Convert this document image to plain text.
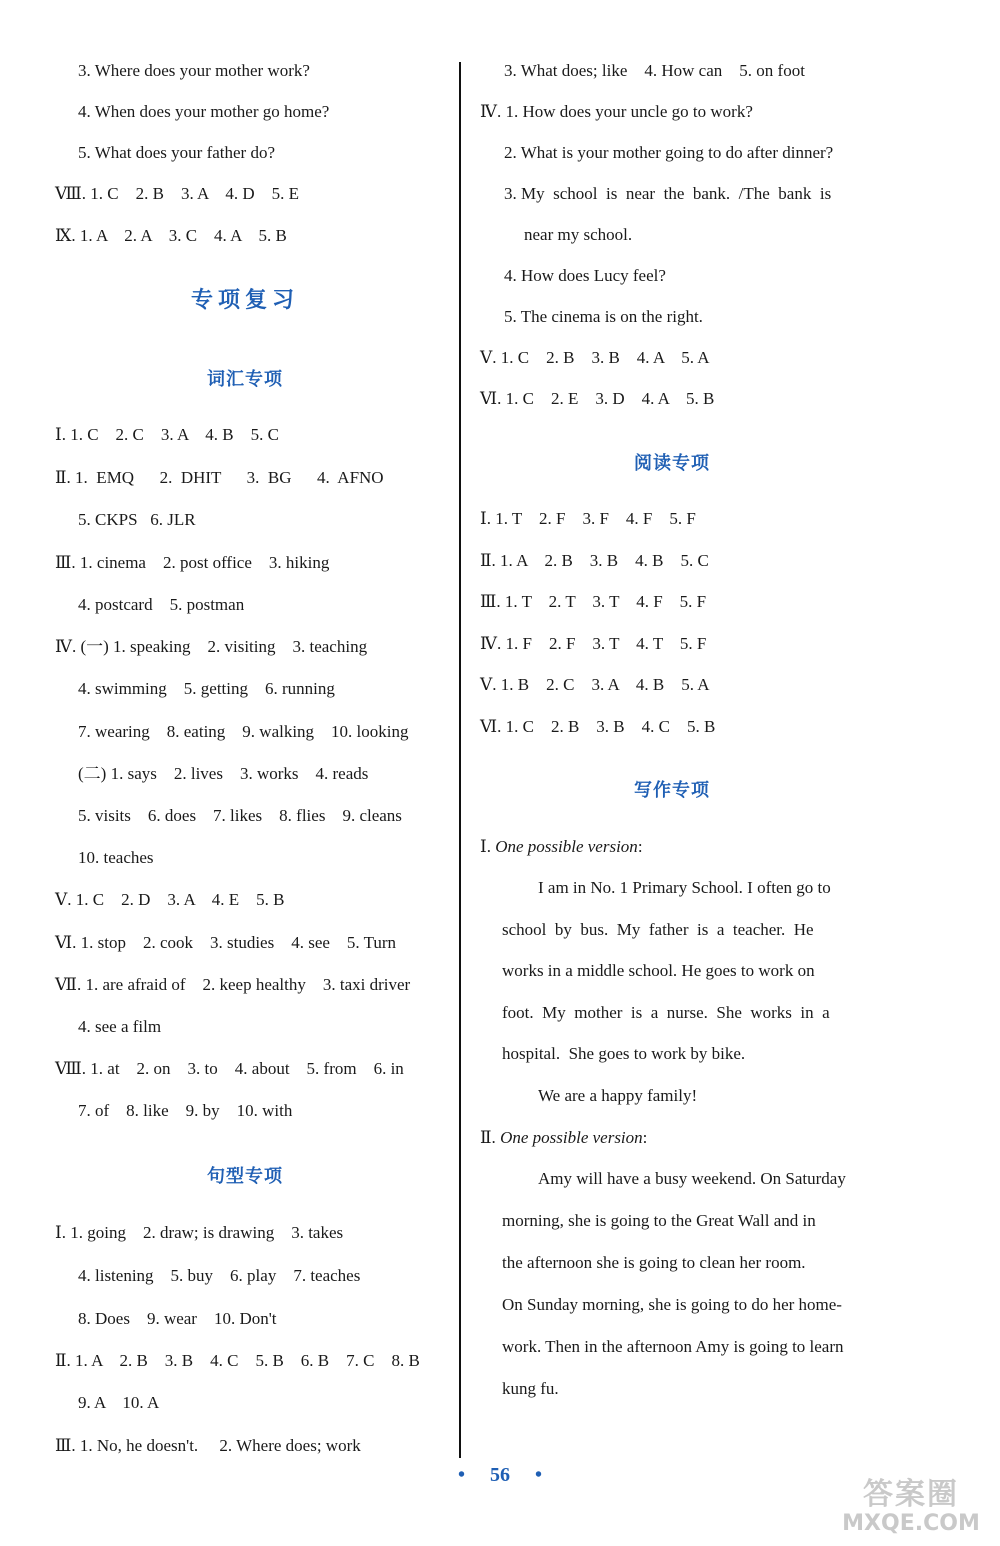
3. Where does your mother work?
4. When does your mother go home?
5. What does your father do?
Ⅷ. 1. C    2. B    3. A    4. D    5. E
Ⅸ. 1. A    2. A    3. C    4. A    5. B
Ⅰ. 1. C    2. C    3. A    4. B    5. C
Ⅱ. 1.  EMQ      2.  DHIT      3.  BG      4.  AFNO
5. CKPS   6. JLR
Ⅲ. 1. cinema    2. post office    3. hiking
4. postcard    5. postman
Ⅳ. (一) 1. speaking    2. visiting    3. teaching
4. swimming    5. getting    6. running
7. wearing    8. eating    9. walking    10. looking
(二) 1. says    2. lives    3. works    4. reads
5. visits    6. does    7. likes    8. flies    9. cleans
10. teaches
Ⅴ. 1. C    2. D    3. A    4. E    5. B
Ⅵ. 1. stop    2. cook    3. studies    4. see    5. Turn
Ⅶ. 1. are afraid of    2. keep healthy    3. taxi driver
4. see a film
Ⅷ. 1. at    2. on    3. to    4. about    5. from    6. in
7. of    8. like    9. by    10. with
Ⅰ. 1. going    2. draw; is drawing    3. takes
4. listening    5. buy    6. play    7. teaches
8. Does    9. wear    10. Don't
Ⅱ. 1. A    2. B    3. B    4. C    5. B    6. B    7. C    8. B
9. A    10. A
Ⅲ. 1. No, he doesn't.     2. Where does; work
专项复习
词汇专项
句型专项
3. What does; like    4. How can    5. on foot
Ⅳ. 1. How does your uncle go to work?
2. What is your mother going to do after dinner?
3. My  school  is  near  the  bank.  /The  bank  is
near my school.
4. How does Lucy feel?
5. The cinema is on the right.
Ⅴ. 1. C    2. B    3. B    4. A    5. A
Ⅵ. 1. C    2. E    3. D    4. A    5. B
Ⅰ. 1. T    2. F    3. F    4. F    5. F
Ⅱ. 1. A    2. B    3. B    4. B    5. C
Ⅲ. 1. T    2. T    3. T    4. F    5. F
Ⅳ. 1. F    2. F    3. T    4. T    5. F
Ⅴ. 1. B    2. C    3. A    4. B    5. A
Ⅵ. 1. C    2. B    3. B    4. C    5. B
阅读专项
写作专项
Ⅰ. One possible version:
I am in No. 1 Primary School. I often go to
school  by  bus.  My  father  is  a  teacher.  He
works in a middle school. He goes to work on
foot.  My  mother  is  a  nurse.  She  works  in  a
hospital.  She goes to work by bike.
We are a happy family!
Ⅱ. One possible version:
Amy will have a busy weekend. On Saturday
morning, she is going to the Great Wall and in
the afternoon she is going to clean her room.
On Sunday morning, she is going to do her home-
work. Then in the afternoon Amy is going to learn
kung fu.
• 56 •
答案圈
MXQE.COM
